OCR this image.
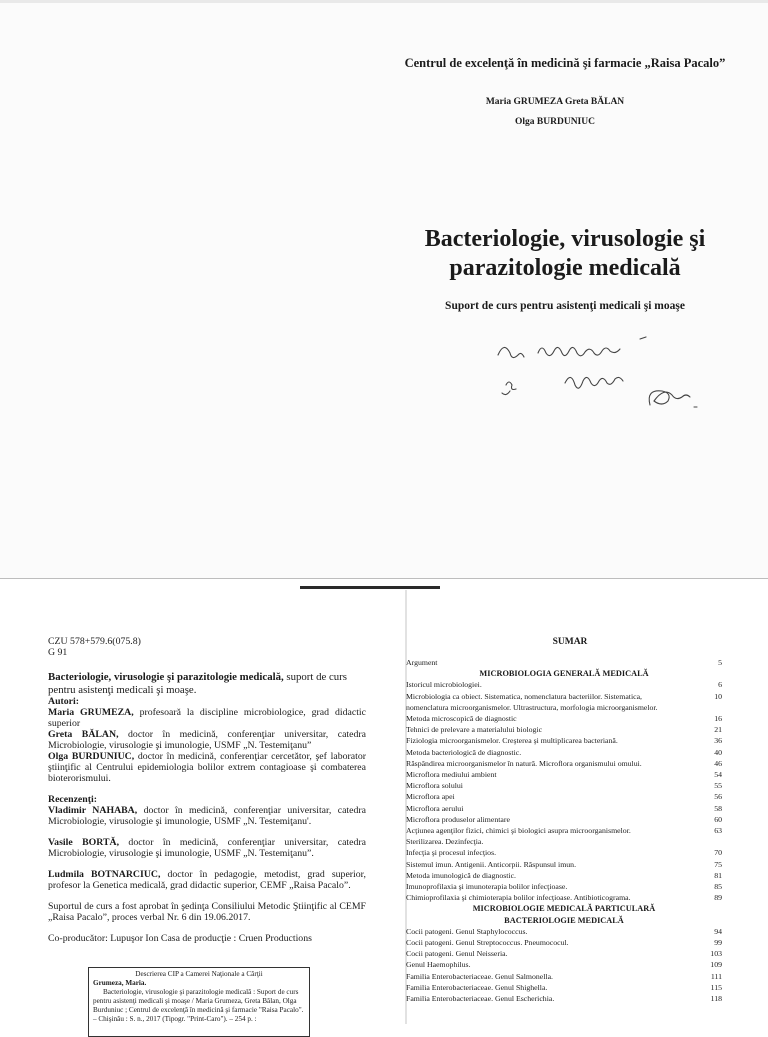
Centrul de excelenţă în medicină şi farmacie „Raisa Pacalo”
Maria GRUMEZA Greta BĂLAN
Olga BURDUNIUC
Bacteriologie, virusologie şi
parazitologie medicală
Suport de curs pentru asistenţi medicali şi moaşe

CZU 578+579.6(075.8)

G 91

Bacteriologie, virusologie şi parazitologie medicală, suport de curs pentru asistenţi medicali şi moaşe.

Autori:

Maria GRUMEZA, profesoară la discipline microbiologice, grad didactic superior

Greta BĂLAN, doctor în medicină, conferenţiar universitar, catedra Microbiologie, virusologie şi imunologie, USMF „N. Testemiţanu”

Olga BURDUNIUC, doctor în medicină, conferenţiar cercetător, şef laborator ştiinţific al Centrului epidemiologia bolilor extrem contagioase şi combaterea bioterorismului.

Recenzenţi:

Vladimir NAHABA, doctor în medicină, conferenţiar universitar, catedra Microbiologie, virusologie şi imunologie, USMF „N. Testemiţanu'.

Vasile BORTĂ, doctor în medicină, conferenţiar universitar, catedra Microbiologie, virusologie şi imunologie, USMF „N. Testemiţanu”.

Ludmila BOTNARCIUC, doctor în pedagogie, metodist, grad superior, profesor la Genetica medicală, grad didactic superior, CEMF „Raisa Pacalo”.

Suportul de curs a fost aprobat în şedinţa Consiliului Metodic Ştiinţific al CEMF „Raisa Pacalo”, proces verbal Nr. 6 din 19.06.2017.

Co-producător: Lupuşor Ion Casa de producţie : Cruen Productions

Descrierea CIP a Camerei Naţionale a Cărţii
Grumeza, Maria.
Bacteriologie, virusologie şi parazitologie medicală : Suport de curs pentru asistenţi medicali şi moaşe / Maria Grumeza, Greta Bălan, Olga Burduniuc ; Centrul de excelenţă în medicină şi farmacie "Raisa Pacalo". – Chişinău : S. n., 2017 (Tipogr. "Print-Caro"). – 254 p. :
SUMAR
Argument	5
MICROBIOLOGIA GENERALĂ MEDICALĂ
Istoricul microbiologiei.	6
Microbiologia ca obiect. Sistematica, nomenclatura bacteriilor. Sistematica,	10
nomenclatura microorganismelor. Ultrastructura, morfologia microorganismelor.
Metoda microscopică de diagnostic	16
Tehnici de prelevare a materialului biologic	21
Fiziologia microorganismelor. Creşterea şi multiplicarea bacteriană.	36
Metoda bacteriologică de diagnostic.	40
Răspândirea microorganismelor în natură. Microflora organismului omului.	46
Microflora mediului ambient	54
Microflora solului	55
Microflora apei	56
Microflora aerului	58
Microflora produselor alimentare	60
Acţiunea agenţilor fizici, chimici şi biologici asupra microorganismelor.	63
Sterilizarea. Dezinfecţia.
Infecţia şi procesul infecţios.	70
Sistemul imun. Antigenii. Anticorpii. Răspunsul imun.	75
Metoda imunologică de diagnostic.	81
Imunoprofilaxia şi imunoterapia bolilor infecţioase.	85
Chimioprofilaxia şi chimioterapia bolilor infecţioase. Antibioticograma.	89
MICROBIOLOGIE MEDICALĂ PARTICULARĂ
BACTERIOLOGIE MEDICALĂ
Cocii patogeni. Genul Staphylococcus.	94
Cocii patogeni. Genul Streptococcus. Pneumococul.	99
Cocii patogeni. Genul Neisseria.	103
Genul Haemophilus.	109
Familia Enterobacteriaceae. Genul Salmonella.	111
Familia Enterobacteriaceae. Genul Shighella.	115
Familia Enterobacteriaceae. Genul Escherichia.	118
